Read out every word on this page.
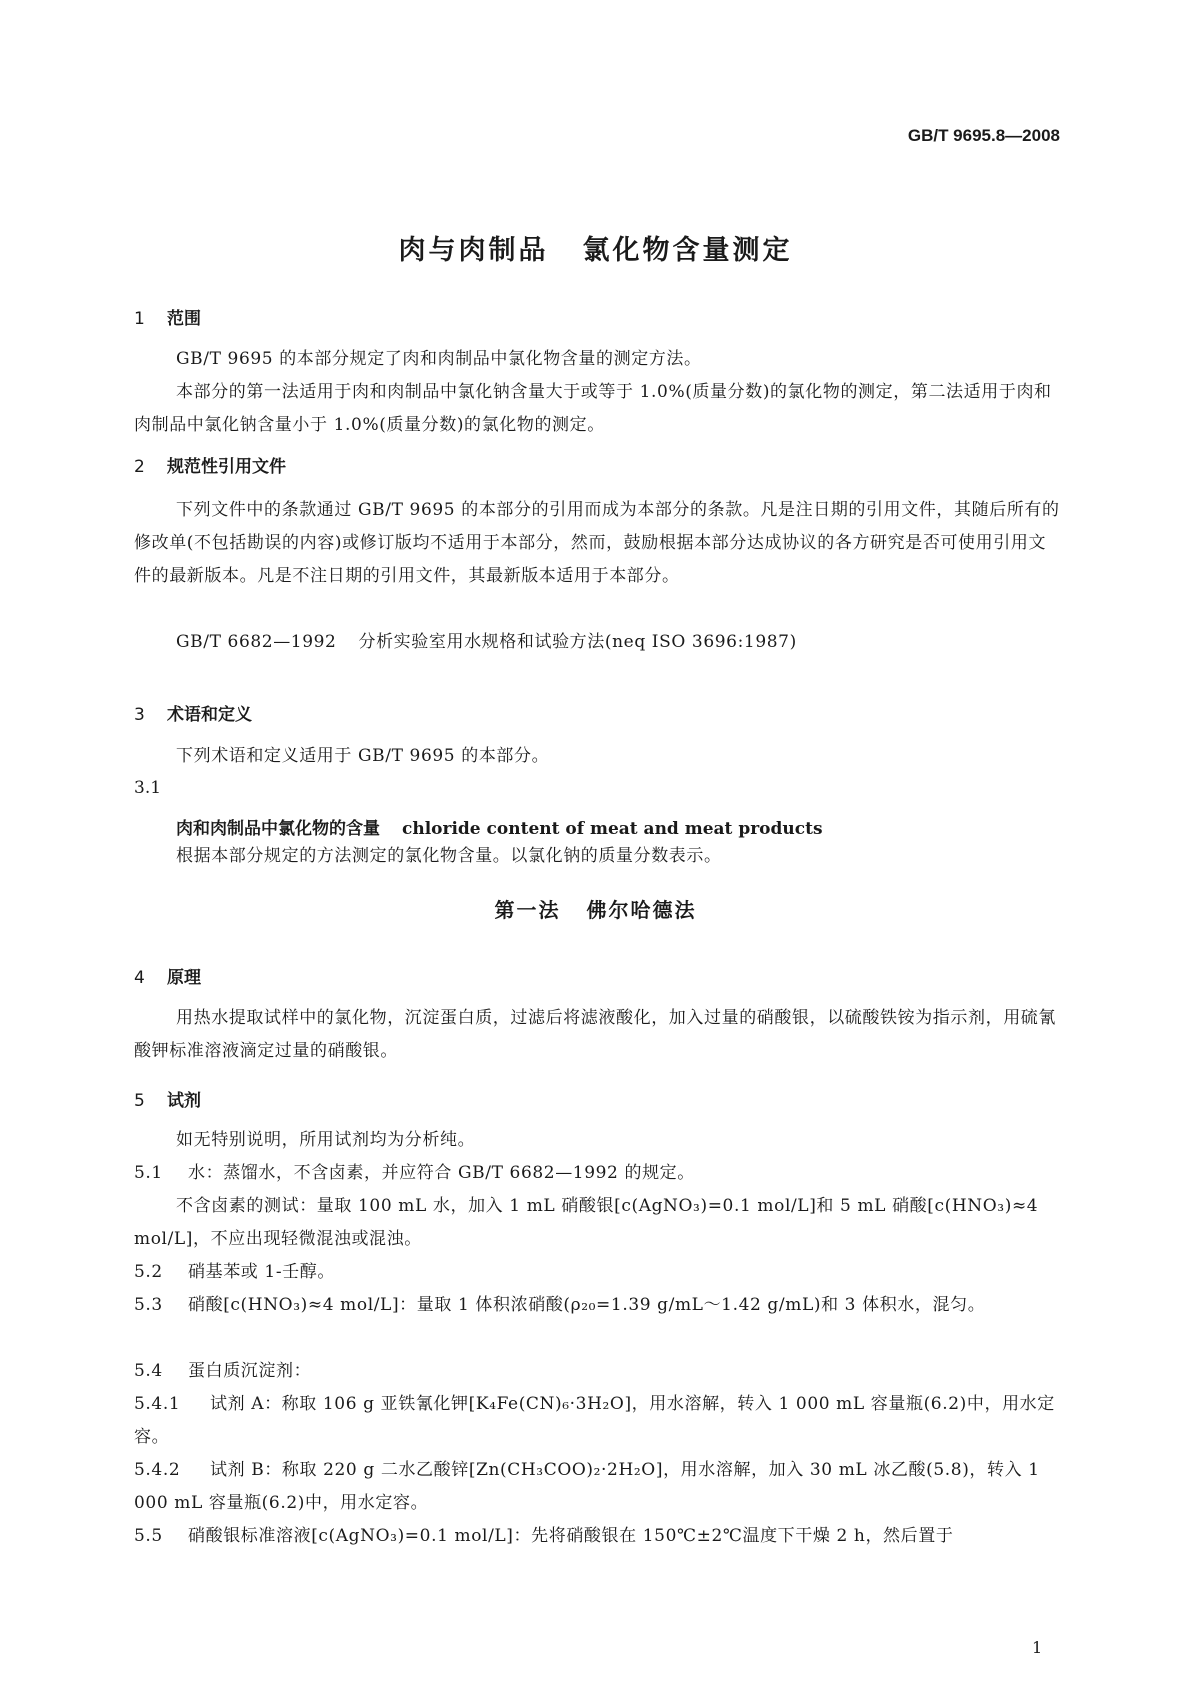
GB/T 9695.8—2008
肉与肉制品 氯化物含量测定
1 范围
GB/T 9695 的本部分规定了肉和肉制品中氯化物含量的测定方法。
本部分的第一法适用于肉和肉制品中氯化钠含量大于或等于 1.0%(质量分数)的氯化物的测定，第二法适用于肉和肉制品中氯化钠含量小于 1.0%(质量分数)的氯化物的测定。
2 规范性引用文件
下列文件中的条款通过 GB/T 9695 的本部分的引用而成为本部分的条款。凡是注日期的引用文件，其随后所有的修改单(不包括勘误的内容)或修订版均不适用于本部分，然而，鼓励根据本部分达成协议的各方研究是否可使用引用文件的最新版本。凡是不注日期的引用文件，其最新版本适用于本部分。
GB/T 6682—1992 分析实验室用水规格和试验方法(neq ISO 3696:1987)
3 术语和定义
下列术语和定义适用于 GB/T 9695 的本部分。
3.1
肉和肉制品中氯化物的含量 chloride content of meat and meat products
根据本部分规定的方法测定的氯化物含量。以氯化钠的质量分数表示。
第一法 佛尔哈德法
4 原理
用热水提取试样中的氯化物，沉淀蛋白质，过滤后将滤液酸化，加入过量的硝酸银，以硫酸铁铵为指示剂，用硫氰酸钾标准溶液滴定过量的硝酸银。
5 试剂
如无特别说明，所用试剂均为分析纯。
5.1 水：蒸馏水，不含卤素，并应符合 GB/T 6682—1992 的规定。
不含卤素的测试：量取 100 mL 水，加入 1 mL 硝酸银[c(AgNO₃)=0.1 mol/L]和 5 mL 硝酸[c(HNO₃)≈4 mol/L]，不应出现轻微混浊或混浊。
5.2 硝基苯或 1-壬醇。
5.3 硝酸[c(HNO₃)≈4 mol/L]：量取 1 体积浓硝酸(ρ₂₀=1.39 g/mL～1.42 g/mL)和 3 体积水，混匀。
5.4 蛋白质沉淀剂：
5.4.1 试剂 A：称取 106 g 亚铁氰化钾[K₄Fe(CN)₆·3H₂O]，用水溶解，转入 1 000 mL 容量瓶(6.2)中，用水定容。
5.4.2 试剂 B：称取 220 g 二水乙酸锌[Zn(CH₃COO)₂·2H₂O]，用水溶解，加入 30 mL 冰乙酸(5.8)，转入 1 000 mL 容量瓶(6.2)中，用水定容。
5.5 硝酸银标准溶液[c(AgNO₃)=0.1 mol/L]：先将硝酸银在 150℃±2℃温度下干燥 2 h，然后置于
1
